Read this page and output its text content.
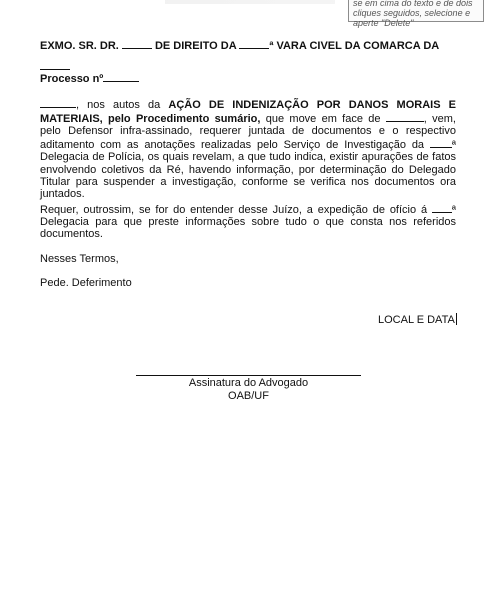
se em cima do texto e de dois
cliques seguidos, selecione e
aperte "Delete"
EXMO. SR. DR.	DE DIREITO DA	ª VARA CIVEL DA COMARCA DA

Processo nº
, nos autos da AÇÃO DE INDENIZAÇÃO POR DANOS MORAIS E MATERIAIS, pelo Procedimento sumário, que move em face de	, vem, pelo Defensor infra-assinado, requerer juntada de documentos e o respectivo aditamento com as anotações realizadas pelo Serviço de Investigação da	ª Delegacia de Polícia, os quais revelam, a que tudo indica, existir apurações de fatos envolvendo coletivos da Ré, havendo informação, por determinação do Delegado Titular para suspender a investigação, conforme se verifica nos documentos ora juntados.
Requer, outrossim, se for do entender desse Juízo, a expedição de ofício á ª Delegacia para que preste informações sobre tudo o que consta nos referidos documentos.
Nesses Termos,
Pede. Deferimento
LOCAL E DATA
Assinatura do Advogado
OAB/UF
